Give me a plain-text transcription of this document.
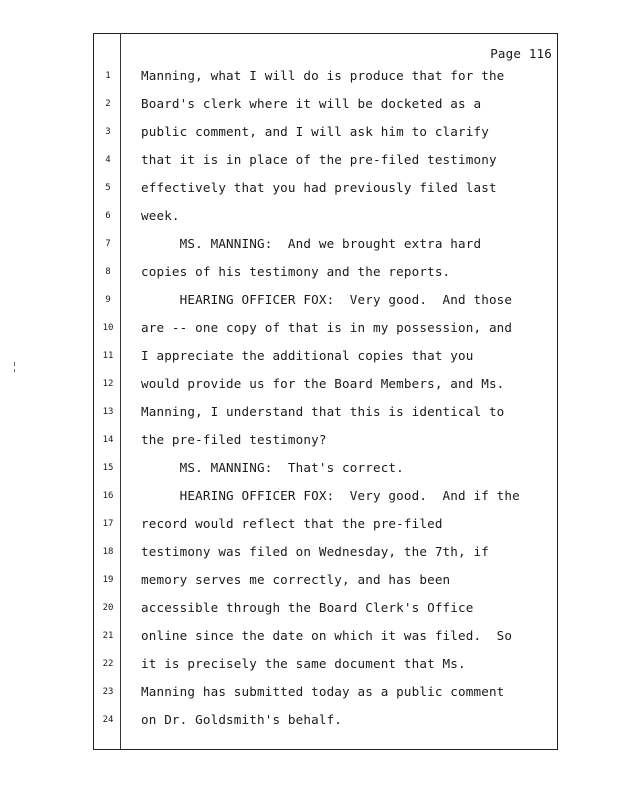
Page 116
1	Manning, what I will do is produce that for the
2	Board's clerk where it will be docketed as a
3	public comment, and I will ask him to clarify
4	that it is in place of the pre-filed testimony
5	effectively that you had previously filed last
6	week.
7	MS. MANNING:  And we brought extra hard
8	copies of his testimony and the reports.
9	HEARING OFFICER FOX:  Very good.  And those
10 are -- one copy of that is in my possession, and
11 I appreciate the additional copies that you
12 would provide us for the Board Members, and Ms.
13 Manning, I understand that this is identical to
14 the pre-filed testimony?
15 MS. MANNING:  That's correct.
16 HEARING OFFICER FOX:  Very good.  And if the
17 record would reflect that the pre-filed
18 testimony was filed on Wednesday, the 7th, if
19 memory serves me correctly, and has been
20 accessible through the Board Clerk's Office
21 online since the date on which it was filed.  So
22 it is precisely the same document that Ms.
23 Manning has submitted today as a public comment
24 on Dr. Goldsmith's behalf.
